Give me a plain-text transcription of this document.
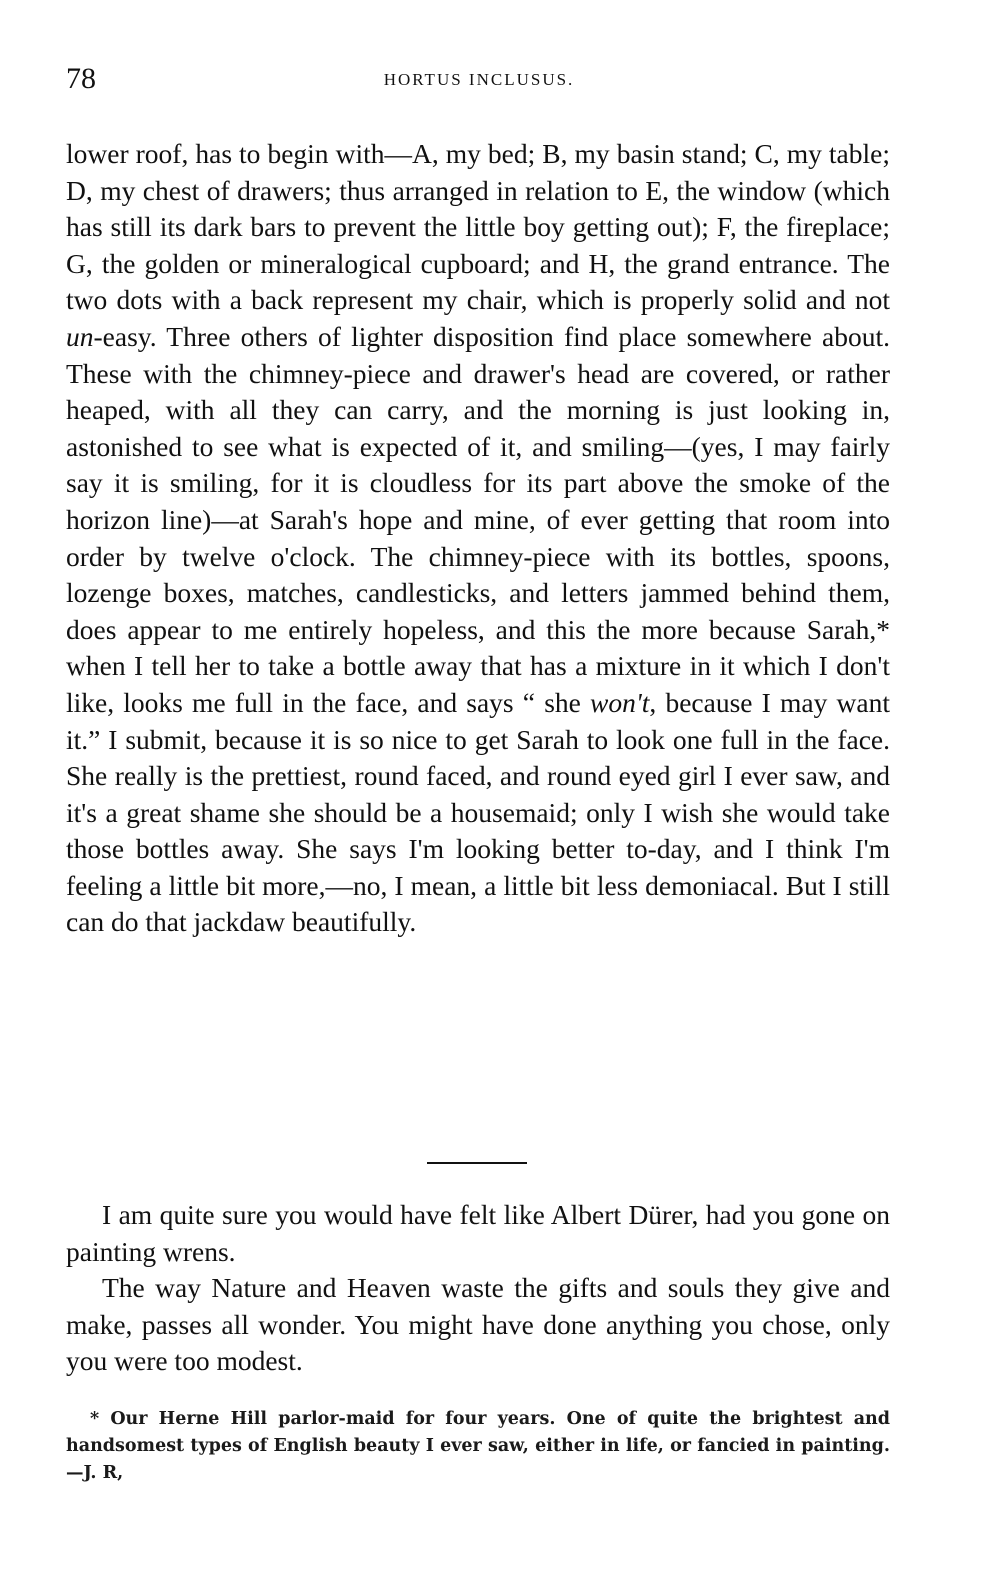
78	HORTUS INCLUSUS.

lower roof, has to begin with—A, my bed; B, my basin stand; C, my table; D, my chest of drawers; thus arranged in relation to E, the window (which has still its dark bars to prevent the little boy getting out); F, the fireplace; G, the golden or mineralogical cupboard; and H, the grand entrance. The two dots with a back represent my chair, which is properly solid and not un-easy. Three others of lighter disposition find place somewhere about. These with the chimney-piece and drawer's head are covered, or rather heaped, with all they can carry, and the morning is just looking in, astonished to see what is expected of it, and smiling—(yes, I may fairly say it is smiling, for it is cloudless for its part above the smoke of the horizon line)—at Sarah's hope and mine, of ever getting that room into order by twelve o'clock. The chimney-piece with its bottles, spoons, lozenge boxes, matches, candlesticks, and letters jammed behind them, does appear to me entirely hopeless, and this the more because Sarah,* when I tell her to take a bottle away that has a mixture in it which I don't like, looks me full in the face, and says “ she won't, because I may want it.” I submit, because it is so nice to get Sarah to look one full in the face. She really is the prettiest, round faced, and round eyed girl I ever saw, and it's a great shame she should be a housemaid; only I wish she would take those bottles away. She says I'm looking better to-day, and I think I'm feeling a little bit more,—no, I mean, a little bit less demoniacal. But I still can do that jackdaw beautifully.

I am quite sure you would have felt like Albert Dürer, had you gone on painting wrens.

The way Nature and Heaven waste the gifts and souls they give and make, passes all wonder. You might have done anything you chose, only you were too modest.

* Our Herne Hill parlor-maid for four years. One of quite the brightest and handsomest types of English beauty I ever saw, either in life, or fancied in painting.—J. R,
